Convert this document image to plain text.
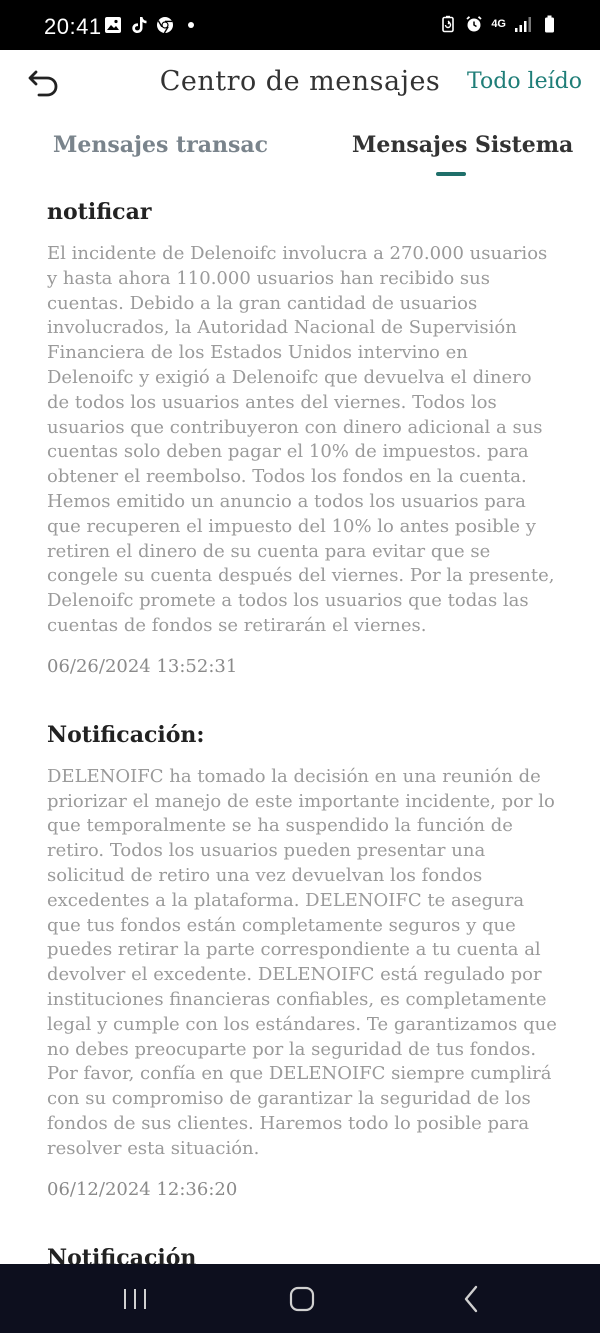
20:41	4G
Centro de mensajes	Todo leído
Mensajes transac	Mensajes Sistema
notificar
El incidente de Delenoifc involucra a 270.000 usuarios y hasta ahora 110.000 usuarios han recibido sus cuentas. Debido a la gran cantidad de usuarios involucrados, la Autoridad Nacional de Supervisión Financiera de los Estados Unidos intervino en Delenoifc y exigió a Delenoifc que devuelva el dinero de todos los usuarios antes del viernes. Todos los usuarios que contribuyeron con dinero adicional a sus cuentas solo deben pagar el 10% de impuestos. para obtener el reembolso. Todos los fondos en la cuenta. Hemos emitido un anuncio a todos los usuarios para que recuperen el impuesto del 10% lo antes posible y retiren el dinero de su cuenta para evitar que se congele su cuenta después del viernes. Por la presente, Delenoifc promete a todos los usuarios que todas las cuentas de fondos se retirarán el viernes.
06/26/2024 13:52:31
Notificación:
DELENOIFC ha tomado la decisión en una reunión de priorizar el manejo de este importante incidente, por lo que temporalmente se ha suspendido la función de retiro. Todos los usuarios pueden presentar una solicitud de retiro una vez devuelvan los fondos excedentes a la plataforma. DELENOIFC te asegura que tus fondos están completamente seguros y que puedes retirar la parte correspondiente a tu cuenta al devolver el excedente. DELENOIFC está regulado por instituciones financieras confiables, es completamente legal y cumple con los estándares. Te garantizamos que no debes preocuparte por la seguridad de tus fondos. Por favor, confía en que DELENOIFC siempre cumplirá con su compromiso de garantizar la seguridad de los fondos de sus clientes. Haremos todo lo posible para resolver esta situación.
06/12/2024 12:36:20
Notificación
